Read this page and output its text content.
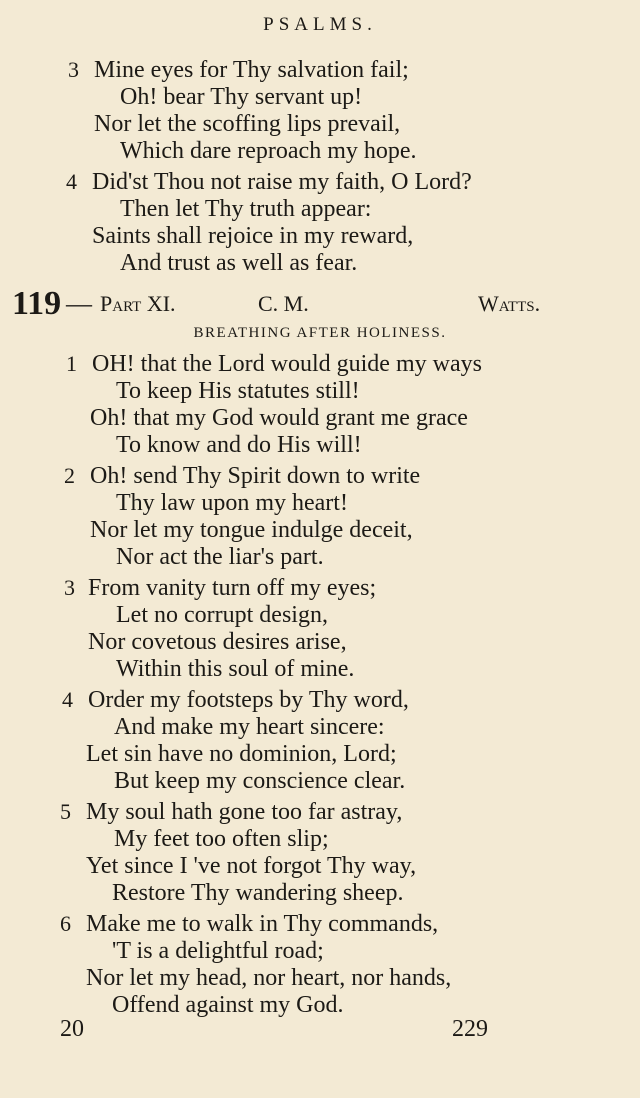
PSALMS.
3 Mine eyes for Thy salvation fail;
Oh! bear Thy servant up!
Nor let the scoffing lips prevail,
Which dare reproach my hope.
4 Did'st Thou not raise my faith, O Lord?
Then let Thy truth appear:
Saints shall rejoice in my reward,
And trust as well as fear.
119 — Part XI.	C. M.	Watts.
BREATHING AFTER HOLINESS.
1 OH! that the Lord would guide my ways
To keep His statutes still!
Oh! that my God would grant me grace
To know and do His will!
2 Oh! send Thy Spirit down to write
Thy law upon my heart!
Nor let my tongue indulge deceit,
Nor act the liar's part.
3 From vanity turn off my eyes;
Let no corrupt design,
Nor covetous desires arise,
Within this soul of mine.
4 Order my footsteps by Thy word,
And make my heart sincere:
Let sin have no dominion, Lord;
But keep my conscience clear.
5 My soul hath gone too far astray,
My feet too often slip;
Yet since I 've not forgot Thy way,
Restore Thy wandering sheep.
6 Make me to walk in Thy commands,
'T is a delightful road;
Nor let my head, nor heart, nor hands,
Offend against my God.
20	229
